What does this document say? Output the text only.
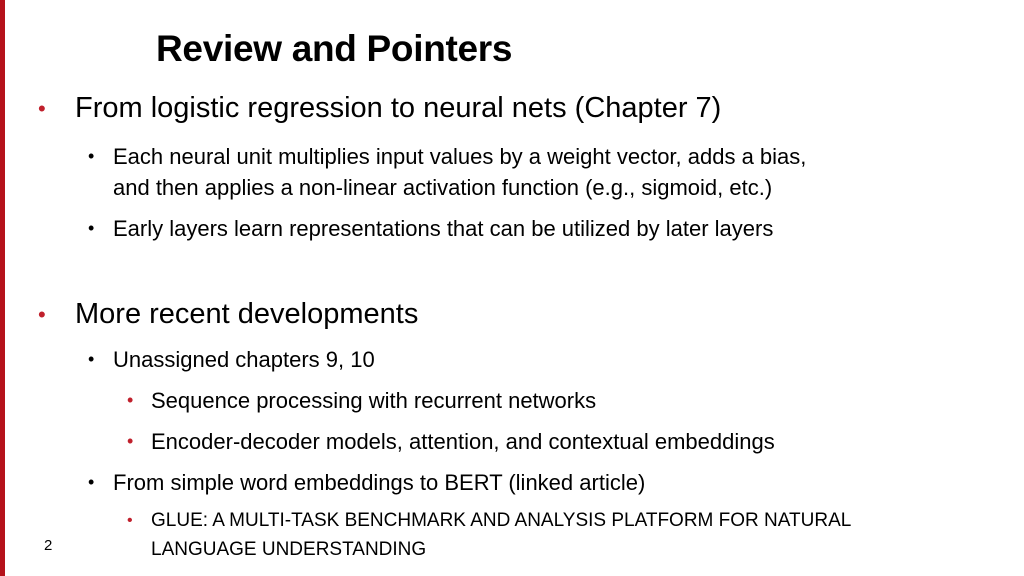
Review and Pointers
• From logistic regression to neural nets (Chapter 7)
• Each neural unit multiplies input values by a weight vector, adds a bias,
and then applies a non-linear activation function (e.g., sigmoid, etc.)
• Early layers learn representations that can be utilized by later layers
• More recent developments
• Unassigned chapters 9, 10
• Sequence processing with recurrent networks
• Encoder-decoder models, attention, and contextual embeddings
• From simple word embeddings to BERT (linked article)
• GLUE: A MULTI-TASK BENCHMARK AND ANALYSIS PLATFORM FOR NATURAL
LANGUAGE UNDERSTANDING
2
